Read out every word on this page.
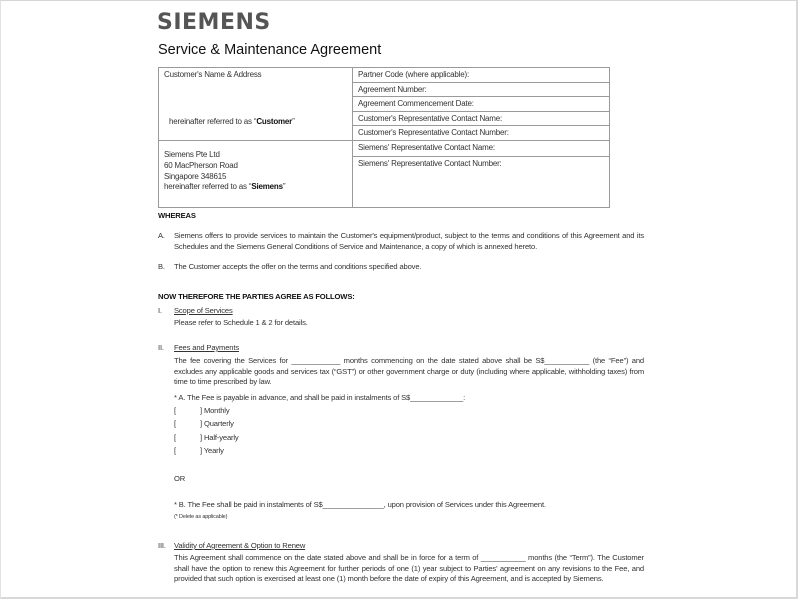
SIEMENS
Service & Maintenance Agreement
Customer's Name & Address
hereinafter referred to as “Customer”	Partner Code (where applicable):
	Agreement Number:
	Agreement Commencement Date:
	Customer's Representative Contact Name:
	Customer's Representative Contact Number:

Siemens Pte Ltd
60 MacPherson Road
Singapore 348615
hereinafter referred to as “Siemens”	Siemens' Representative Contact Name:
	Siemens' Representative Contact Number:
WHEREAS
A. Siemens offers to provide services to maintain the Customer's equipment/product, subject to the terms and conditions of this Agreement and its Schedules and the Siemens General Conditions of Service and Maintenance, a copy of which is annexed hereto.
B. The Customer accepts the offer on the terms and conditions specified above.
NOW THEREFORE THE PARTIES AGREE AS FOLLOWS:
I. Scope of Services
Please refer to Schedule 1 & 2 for details.
II. Fees and Payments
The fee covering the Services for ____________ months commencing on the date stated above shall be S$___________ (the “Fee”) and excludes any applicable goods and services tax (“GST”) or other government charge or duty (including where applicable, withholding taxes) from time to time prescribed by law.
* A. The Fee is payable in advance, and shall be paid in instalments of S$_____________:
[	] Monthly
[	] Quarterly
[	] Half-yearly
[	] Yearly
OR
* B. The Fee shall be paid in instalments of S$_______________, upon provision of Services under this Agreement.
(* Delete as applicable)
III. Validity of Agreement & Option to Renew
This Agreement shall commence on the date stated above and shall be in force for a term of ___________ months (the “Term”). The Customer shall have the option to renew this Agreement for further periods of one (1) year subject to Parties' agreement on any revisions to the Fee, and provided that such option is exercised at least one (1) month before the date of expiry of this Agreement, and is accepted by Siemens.
